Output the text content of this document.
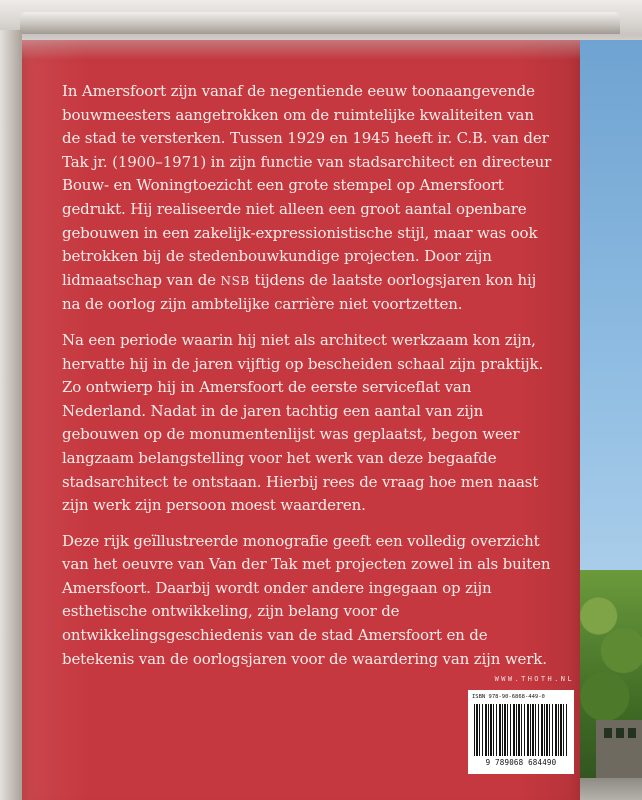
In Amersfoort zijn vanaf de negentiende eeuw toonaangevende bouwmeesters aangetrokken om de ruimtelijke kwaliteiten van de stad te versterken. Tussen 1929 en 1945 heeft ir. C.B. van der Tak jr. (1900–1971) in zijn functie van stadsarchitect en directeur Bouw- en Woningtoezicht een grote stempel op Amersfoort gedrukt. Hij realiseerde niet alleen een groot aantal openbare gebouwen in een zakelijk-expressionistische stijl, maar was ook betrokken bij de stedenbouwkundige projecten. Door zijn lidmaatschap van de NSB tijdens de laatste oorlogsjaren kon hij na de oorlog zijn ambtelijke carrière niet voortzetten.

Na een periode waarin hij niet als architect werkzaam kon zijn, hervatte hij in de jaren vijftig op bescheiden schaal zijn praktijk. Zo ontwierp hij in Amersfoort de eerste serviceflat van Nederland. Nadat in de jaren tachtig een aantal van zijn gebouwen op de monumentenlijst was geplaatst, begon weer langzaam belangstelling voor het werk van deze begaafde stadsarchitect te ontstaan. Hierbij rees de vraag hoe men naast zijn werk zijn persoon moest waarderen.

Deze rijk geïllustreerde monografie geeft een volledig overzicht van het oeuvre van Van der Tak met projecten zowel in als buiten Amersfoort. Daarbij wordt onder andere ingegaan op zijn esthetische ontwikkeling, zijn belang voor de ontwikkelingsgeschiedenis van de stad Amersfoort en de betekenis van de oorlogsjaren voor de waardering van zijn werk.

WWW.THOTH.NL
ISBN 978-90-6868-449-0
9 789068 684490
